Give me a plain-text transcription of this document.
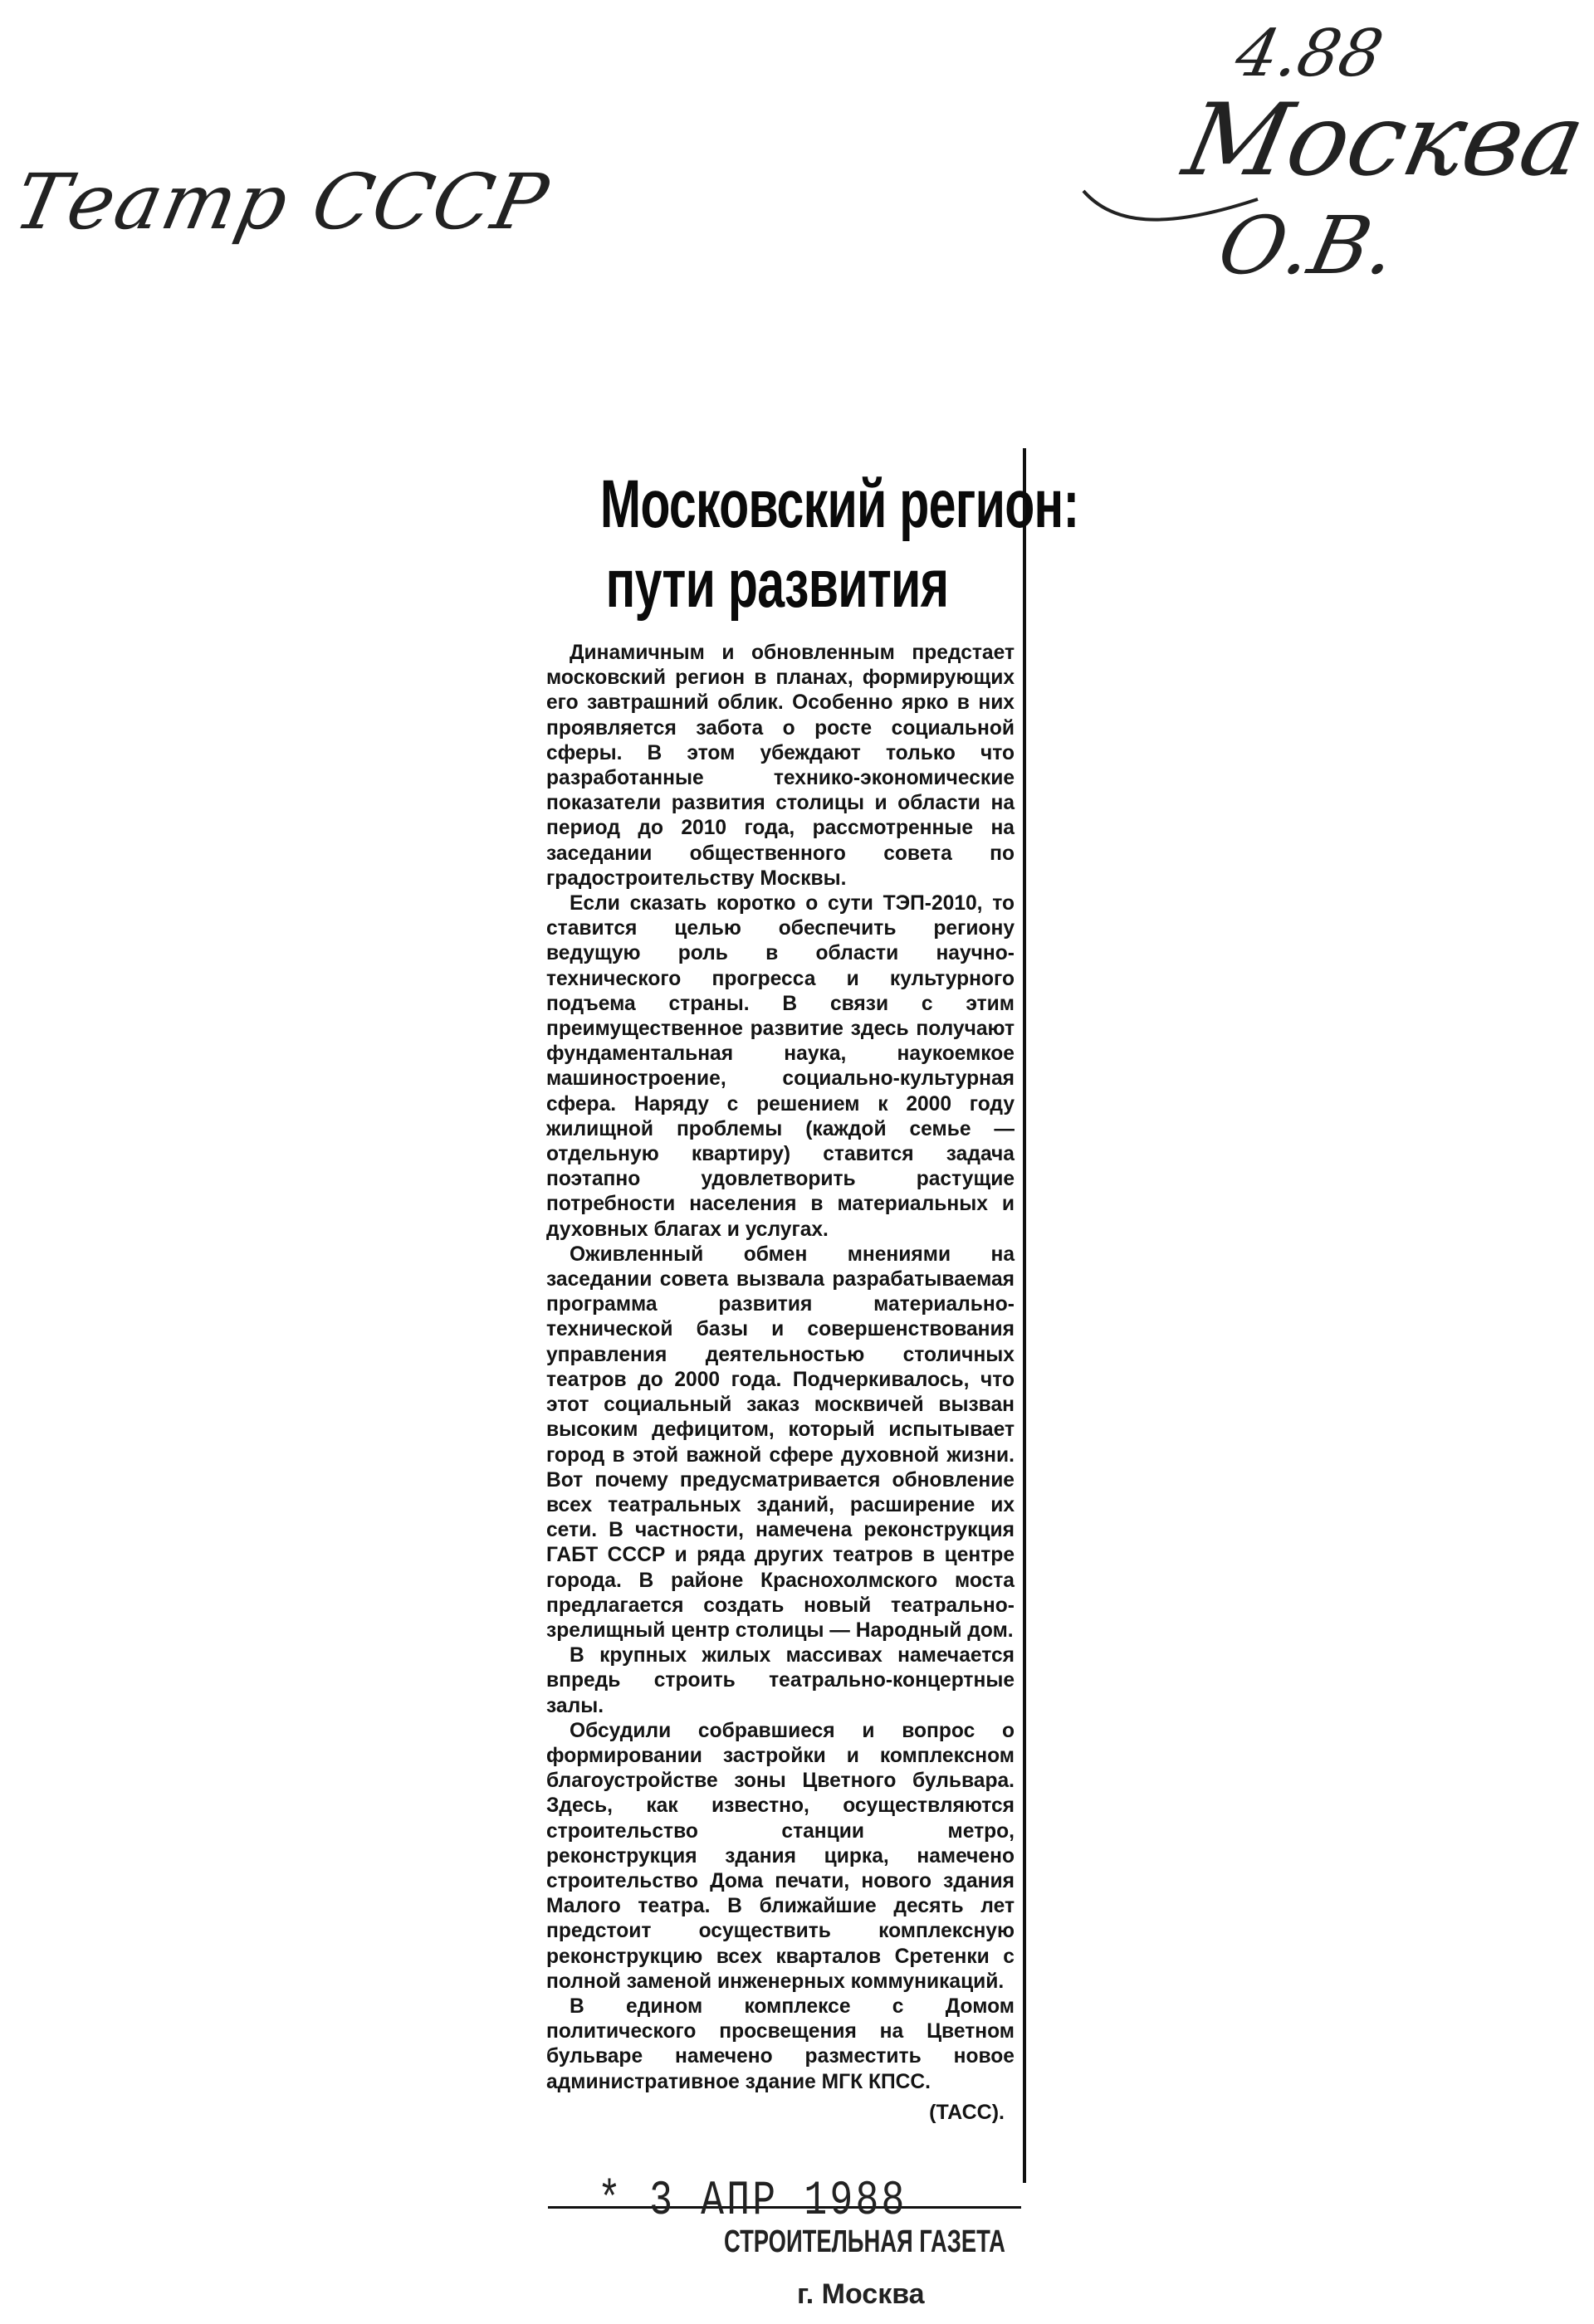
Театр СССР
4.88
Москва
О.В.
Московский регион:
пути развития

Динамичным и обновленным предстает московский регион в планах, формирующих его завтрашний облик. Особенно ярко в них проявляется забота о росте социальной сферы. В этом убеждают только что разработанные технико-экономические показатели развития столицы и области на период до 2010 года, рассмотренные на заседании общественного совета по градостроительству Москвы.

Если сказать коротко о сути ТЭП-2010, то ставится целью обеспечить региону ведущую роль в области научно-технического прогресса и культурного подъема страны. В связи с этим преимущественное развитие здесь получают фундаментальная наука, наукоемкое машиностроение, социально-культурная сфера. Наряду с решением к 2000 году жилищной проблемы (каждой семье — отдельную квартиру) ставится задача поэтапно удовлетворить растущие потребности населения в материальных и духовных благах и услугах.

Оживленный обмен мнениями на заседании совета вызвала разрабатываемая программа развития материально-технической базы и совершенствования управления деятельностью столичных театров до 2000 года. Подчеркивалось, что этот социальный заказ москвичей вызван высоким дефицитом, который испытывает город в этой важной сфере духовной жизни. Вот почему предусматривается обновление всех театральных зданий, расширение их сети. В частности, намечена реконструкция ГАБТ СССР и ряда других театров в центре города. В районе Краснохолмского моста предлагается создать новый театрально-зрелищный центр столицы — Народный дом.

В крупных жилых массивах намечается впредь строить театрально-концертные залы.

Обсудили собравшиеся и вопрос о формировании застройки и комплексном благоустройстве зоны Цветного бульвара. Здесь, как известно, осуществляются строительство станции метро, реконструкция здания цирка, намечено строительство Дома печати, нового здания Малого театра. В ближайшие десять лет предстоит осуществить комплексную реконструкцию всех кварталов Сретенки с полной заменой инженерных коммуникаций.

В едином комплексе с Домом политического просвещения на Цветном бульваре намечено разместить новое административное здание МГК КПСС.

(ТАСС).
* 3 АПР 1988
СТРОИТЕЛЬНАЯ ГАЗЕТА
г. Москва
